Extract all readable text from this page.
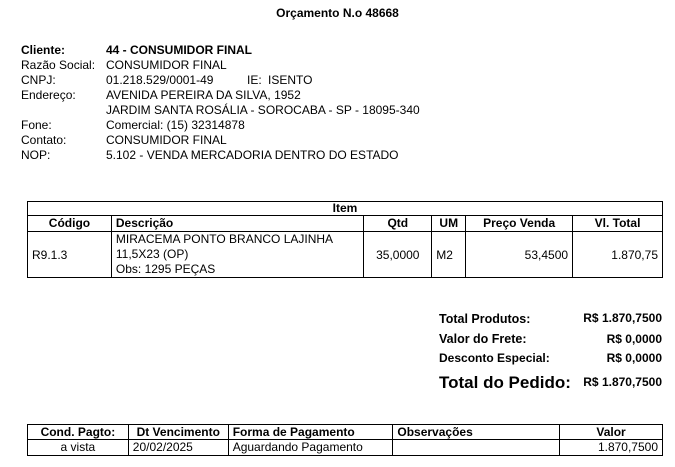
Orçamento N.o 48668
Cliente:	44 - CONSUMIDOR FINAL
Razão Social: CONSUMIDOR FINAL
CNPJ:	01.218.529/0001-49	IE: ISENTO
Endereço:	AVENIDA PEREIRA DA SILVA, 1952
JARDIM SANTA ROSÁLIA - SOROCABA - SP - 18095-340
Fone:	Comercial: (15) 32314878
Contato:	CONSUMIDOR FINAL
NOP:	5.102 - VENDA MERCADORIA DENTRO DO ESTADO
Item					
Código	Descrição	Qtd	UM	Preço Venda	Vl. Total
R9.1.3	MIRACEMA PONTO BRANCO LAJINHA
11,5X23 (OP)
Obs: 1295 PEÇAS	35,0000	M2	53,4500	1.870,75
Total Produtos:	R$ 1.870,7500
Valor do Frete:	R$ 0,0000
Desconto Especial:	R$ 0,0000
Total do Pedido: R$ 1.870,7500
Cond. Pagto:	Dt Vencimento	Forma de Pagamento	Observações	Valor
a vista	20/02/2025	Aguardando Pagamento		1.870,7500
